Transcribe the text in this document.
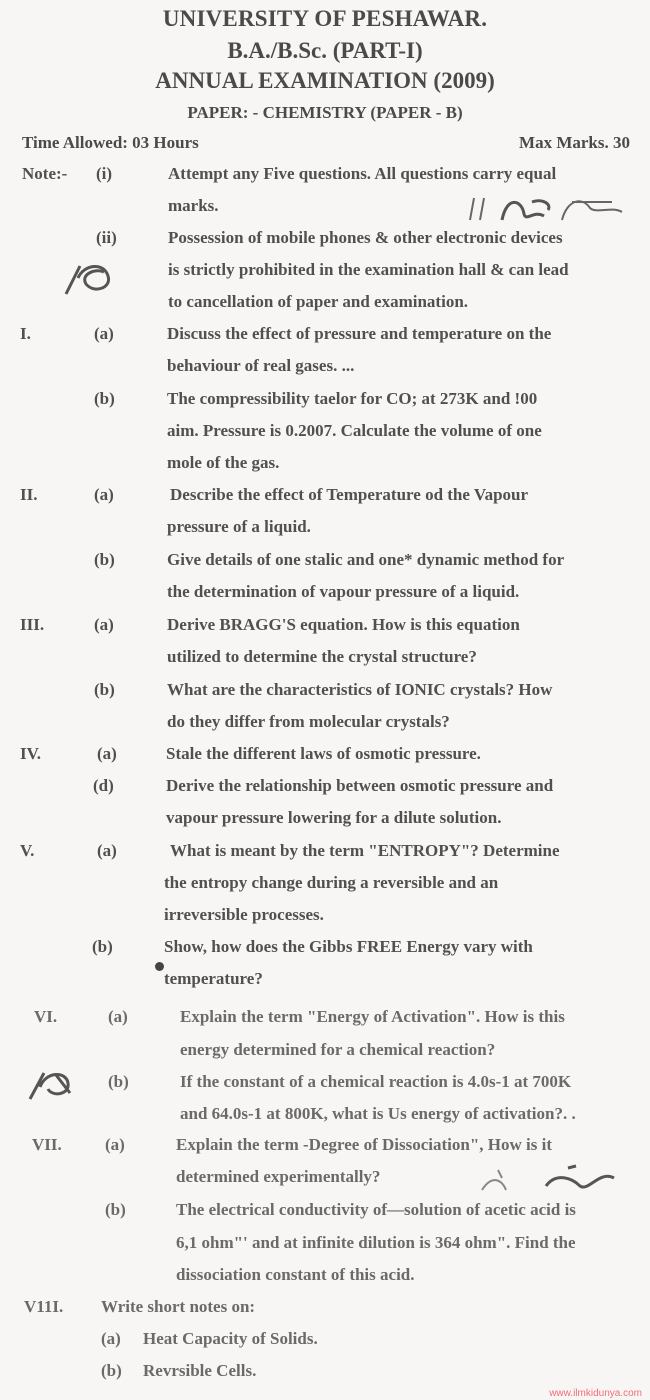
UNIVERSITY OF PESHAWAR.
B.A./B.Sc. (PART-I)
ANNUAL EXAMINATION (2009)
PAPER: - CHEMISTRY (PAPER - B)
Time Allowed: 03 Hours	Max Marks. 30
Note:- (i)	Attempt any Five questions. All questions carry equal
marks.
(ii)	Possession of mobile phones & other electronic devices
is strictly prohibited in the examination hall & can lead
to cancellation of paper and examination.
I.	(a)	Discuss the effect of pressure and temperature on the
behaviour of real gases. ...
(b)	The compressibility taelor for CO; at 273K and !00
aim. Pressure is 0.2007. Calculate the volume of one
mole of the gas.
II.	(a)	Describe the effect of Temperature od the Vapour
pressure of a liquid.
(b)	Give details of one stalic and one* dynamic method for
the determination of vapour pressure of a liquid.
III.	(a)	Derive BRAGG'S equation. How is this equation
utilized to determine the crystal structure?
(b)	What are the characteristics of IONIC crystals? How
do they differ from molecular crystals?
IV.	(a)	Stale the different laws of osmotic pressure.
(d)	Derive the relationship between osmotic pressure and
vapour pressure lowering for a dilute solution.
V.	(a)	What is meant by the term "ENTROPY"? Determine
the entropy change during a reversible and an
irreversible processes.
(b)	Show, how does the Gibbs FREE Energy vary with
temperature?
VI.	(a)	Explain the term "Energy of Activation". How is this
energy determined for a chemical reaction?
(b)	If the constant of a chemical reaction is 4.0s-1 at 700K
and 64.0s-1 at 800K, what is Us energy of activation?. .
VII.	(a)	Explain the term -Degree of Dissociation", How is it
determined experimentally?
(b)	The electrical conductivity of—solution of acetic acid is
6,1 ohm"' and at infinite dilution is 364 ohm". Find the
dissociation constant of this acid.
V11I. Write short notes on:
(a) Heat Capacity of Solids.
(b) Revrsible Cells.
www.ilmkidunya.com
